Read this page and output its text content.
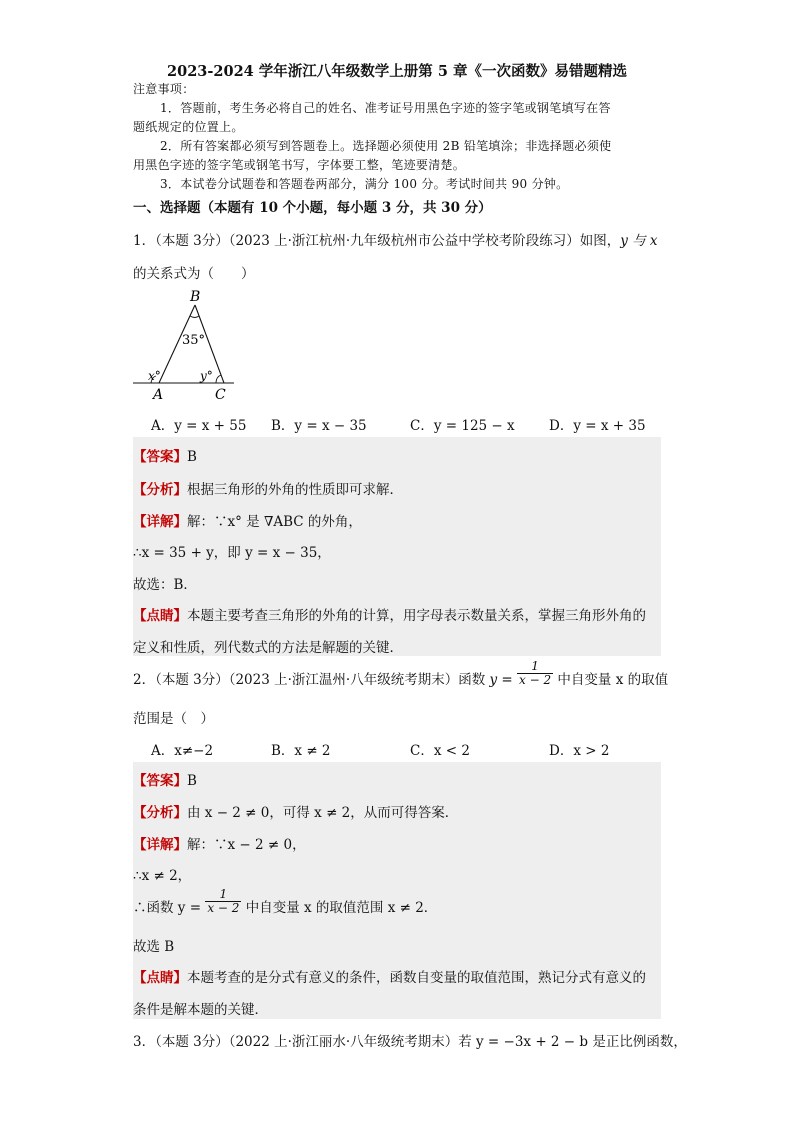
2023-2024 学年浙江八年级数学上册第 5 章《一次函数》易错题精选
注意事项：
1．答题前，考生务必将自己的姓名、准考证号用黑色字迹的签字笔或钢笔填写在答
题纸规定的位置上。
2．所有答案都必须写到答题卷上。选择题必须使用 2B 铅笔填涂；非选择题必须使
用黑色字迹的签字笔或钢笔书写，字体要工整，笔迹要清楚。
3．本试卷分试题卷和答题卷两部分，满分 100 分。考试时间共 90 分钟。
一、选择题（本题有 10 个小题，每小题 3 分，共 30 分）
1．（本题 3分）（2023 上·浙江杭州·九年级杭州市公益中学校考阶段练习）如图，y 与 x
的关系式为（　　）
B
35°
x°	y°
A	C
A．y = x + 55 B．y = x − 35	C．y = 125 − x	D．y = x + 35
【答案】B
【分析】根据三角形的外角的性质即可求解．
【详解】解：∵x° 是 ∇ABC 的外角，
∴x = 35 + y，即 y = x − 35，
故选：B．
【点睛】本题主要考查三角形的外角的计算，用字母表示数量关系，掌握三角形外角的
定义和性质，列代数式的方法是解题的关键．
2．（本题 3分）（2023 上·浙江温州·八年级统考期末）函数 $y = \frac{1}{x - 2}$ 中自变量 x 的取值
范围是（　）
A．x≠−2	B．x ≠ 2	C．x < 2	D．x > 2
【答案】B
【分析】由 x − 2 ≠ 0，可得 x ≠ 2，从而可得答案．
【详解】解：∵x − 2 ≠ 0，
∴x ≠ 2，
∴函数 $y = \frac{1}{x - 2}$ 中自变量 x 的取值范围 x ≠ 2．
故选 B
【点睛】本题考查的是分式有意义的条件，函数自变量的取值范围，熟记分式有意义的
条件是解本题的关键．
3．（本题 3分）（2022 上·浙江丽水·八年级统考期末）若 y = −3x + 2 − b 是正比例函数，
